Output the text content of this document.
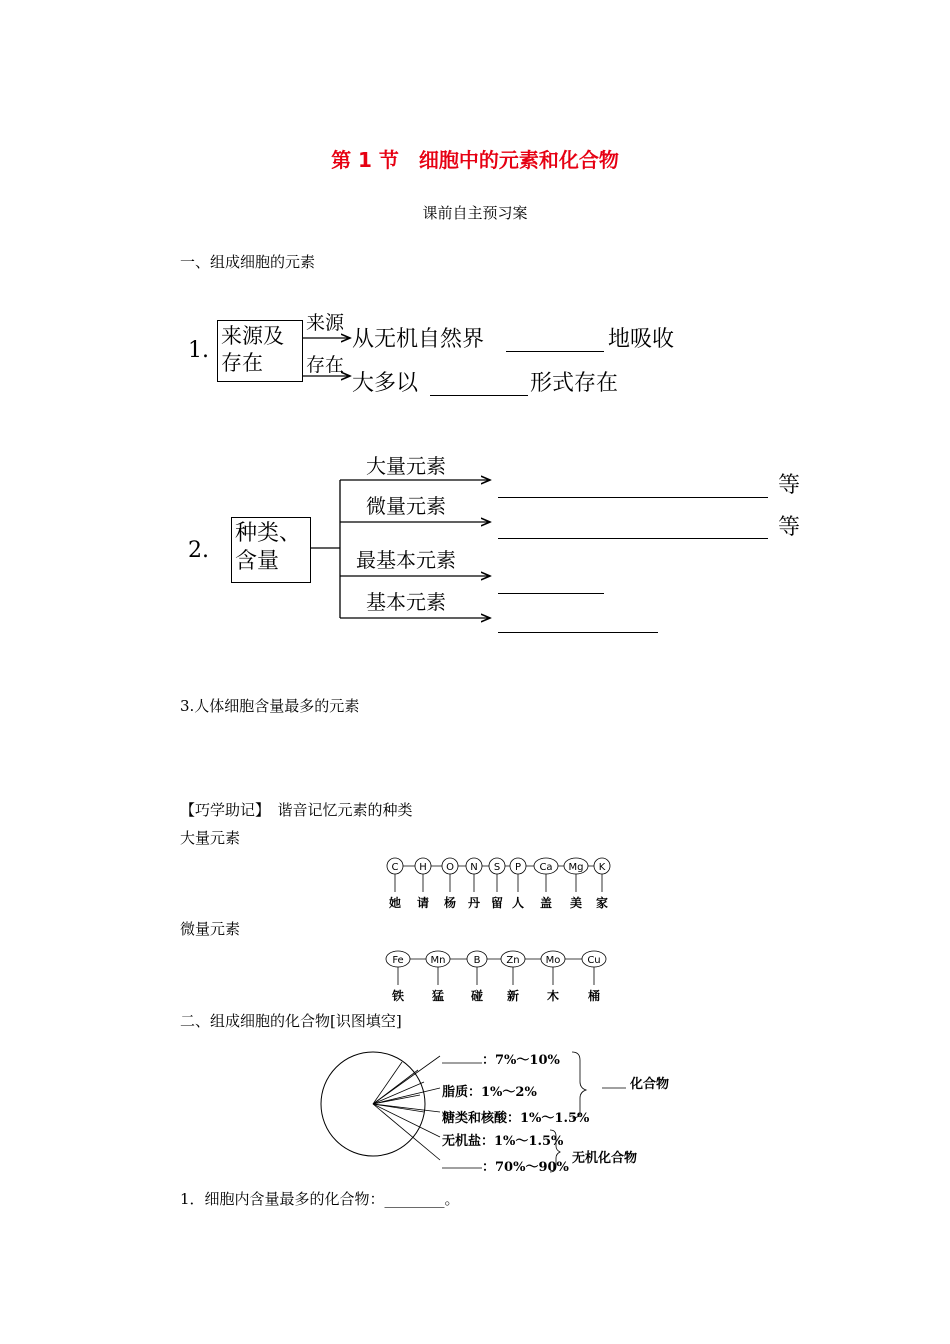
第 1 节　细胞中的元素和化合物
课前自主预习案
一、组成细胞的元素
1.
来源及
存在
来源
存在
从无机自然界	地吸收
大多以	形式存在
2.
种类、
含量
大量元素
微量元素
最基本元素
基本元素
等
等
3.人体细胞含量最多的元素
【巧学助记】　谐音记忆元素的种类
大量元素
C
她
H
请
O
杨
N
丹
S
留
P
人
Ca
盖
Mg
美
K
家
微量元素
Fe
铁
Mn
猛
B
碰
Zn
新
Mo
木
Cu
桶
二、组成细胞的化合物[识图填空]
：7%～10%
脂质：1%～2%
糖类和核酸：1%～1.5%
无机盐：1%～1.5%
：70%～90%
化合物
无机化合物
1．细胞内含量最多的化合物：________。
